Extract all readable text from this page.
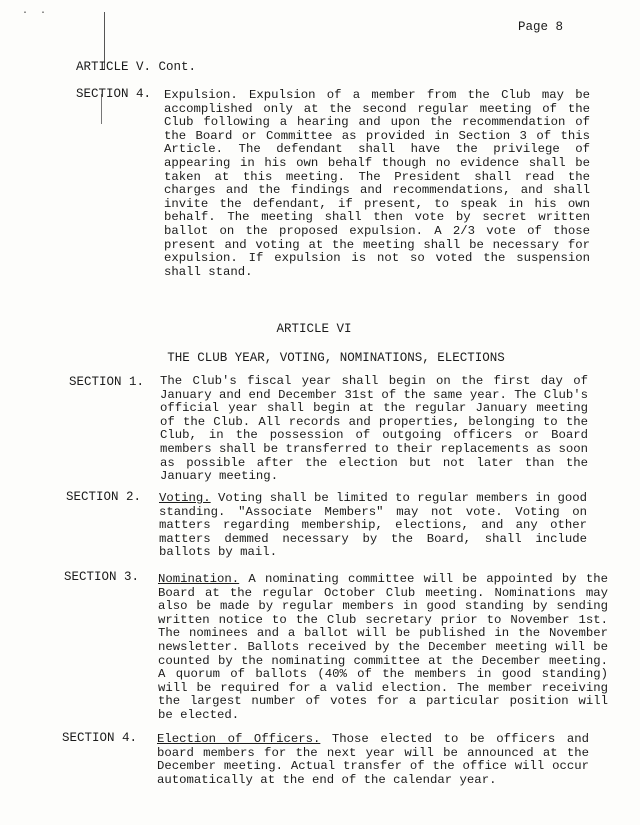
· ·
Page 8
ARTICLE V. Cont.
SECTION 4. Expulsion. Expulsion of a member from the Club may be accomplished only at the second regular meeting of the Club following a hearing and upon the recommendation of the Board or Committee as provided in Section 3 of this Article. The defendant shall have the privilege of appearing in his own behalf though no evidence shall be taken at this meeting. The President shall read the charges and the findings and recommendations, and shall invite the defendant, if present, to speak in his own behalf. The meeting shall then vote by secret written ballot on the proposed expulsion. A 2/3 vote of those present and voting at the meeting shall be necessary for expulsion. If expulsion is not so voted the suspension shall stand.
ARTICLE VI
THE CLUB YEAR, VOTING, NOMINATIONS, ELECTIONS
SECTION 1. The Club's fiscal year shall begin on the first day of January and end December 31st of the same year. The Club's official year shall begin at the regular January meeting of the Club. All records and properties, belonging to the Club, in the possession of outgoing officers or Board members shall be transferred to their replacements as soon as possible after the election but not later than the January meeting.
SECTION 2. Voting. Voting shall be limited to regular members in good standing. "Associate Members" may not vote. Voting on matters regarding membership, elections, and any other matters demmed necessary by the Board, shall include ballots by mail.
SECTION 3. Nomination. A nominating committee will be appointed by the Board at the regular October Club meeting. Nominations may also be made by regular members in good standing by sending written notice to the Club secretary prior to November 1st. The nominees and a ballot will be published in the November newsletter. Ballots received by the December meeting will be counted by the nominating committee at the December meeting. A quorum of ballots (40% of the members in good standing) will be required for a valid election. The member receiving the largest number of votes for a particular position will be elected.
SECTION 4. Election of Officers. Those elected to be officers and board members for the next year will be announced at the December meeting. Actual transfer of the office will occur automatically at the end of the calendar year.
